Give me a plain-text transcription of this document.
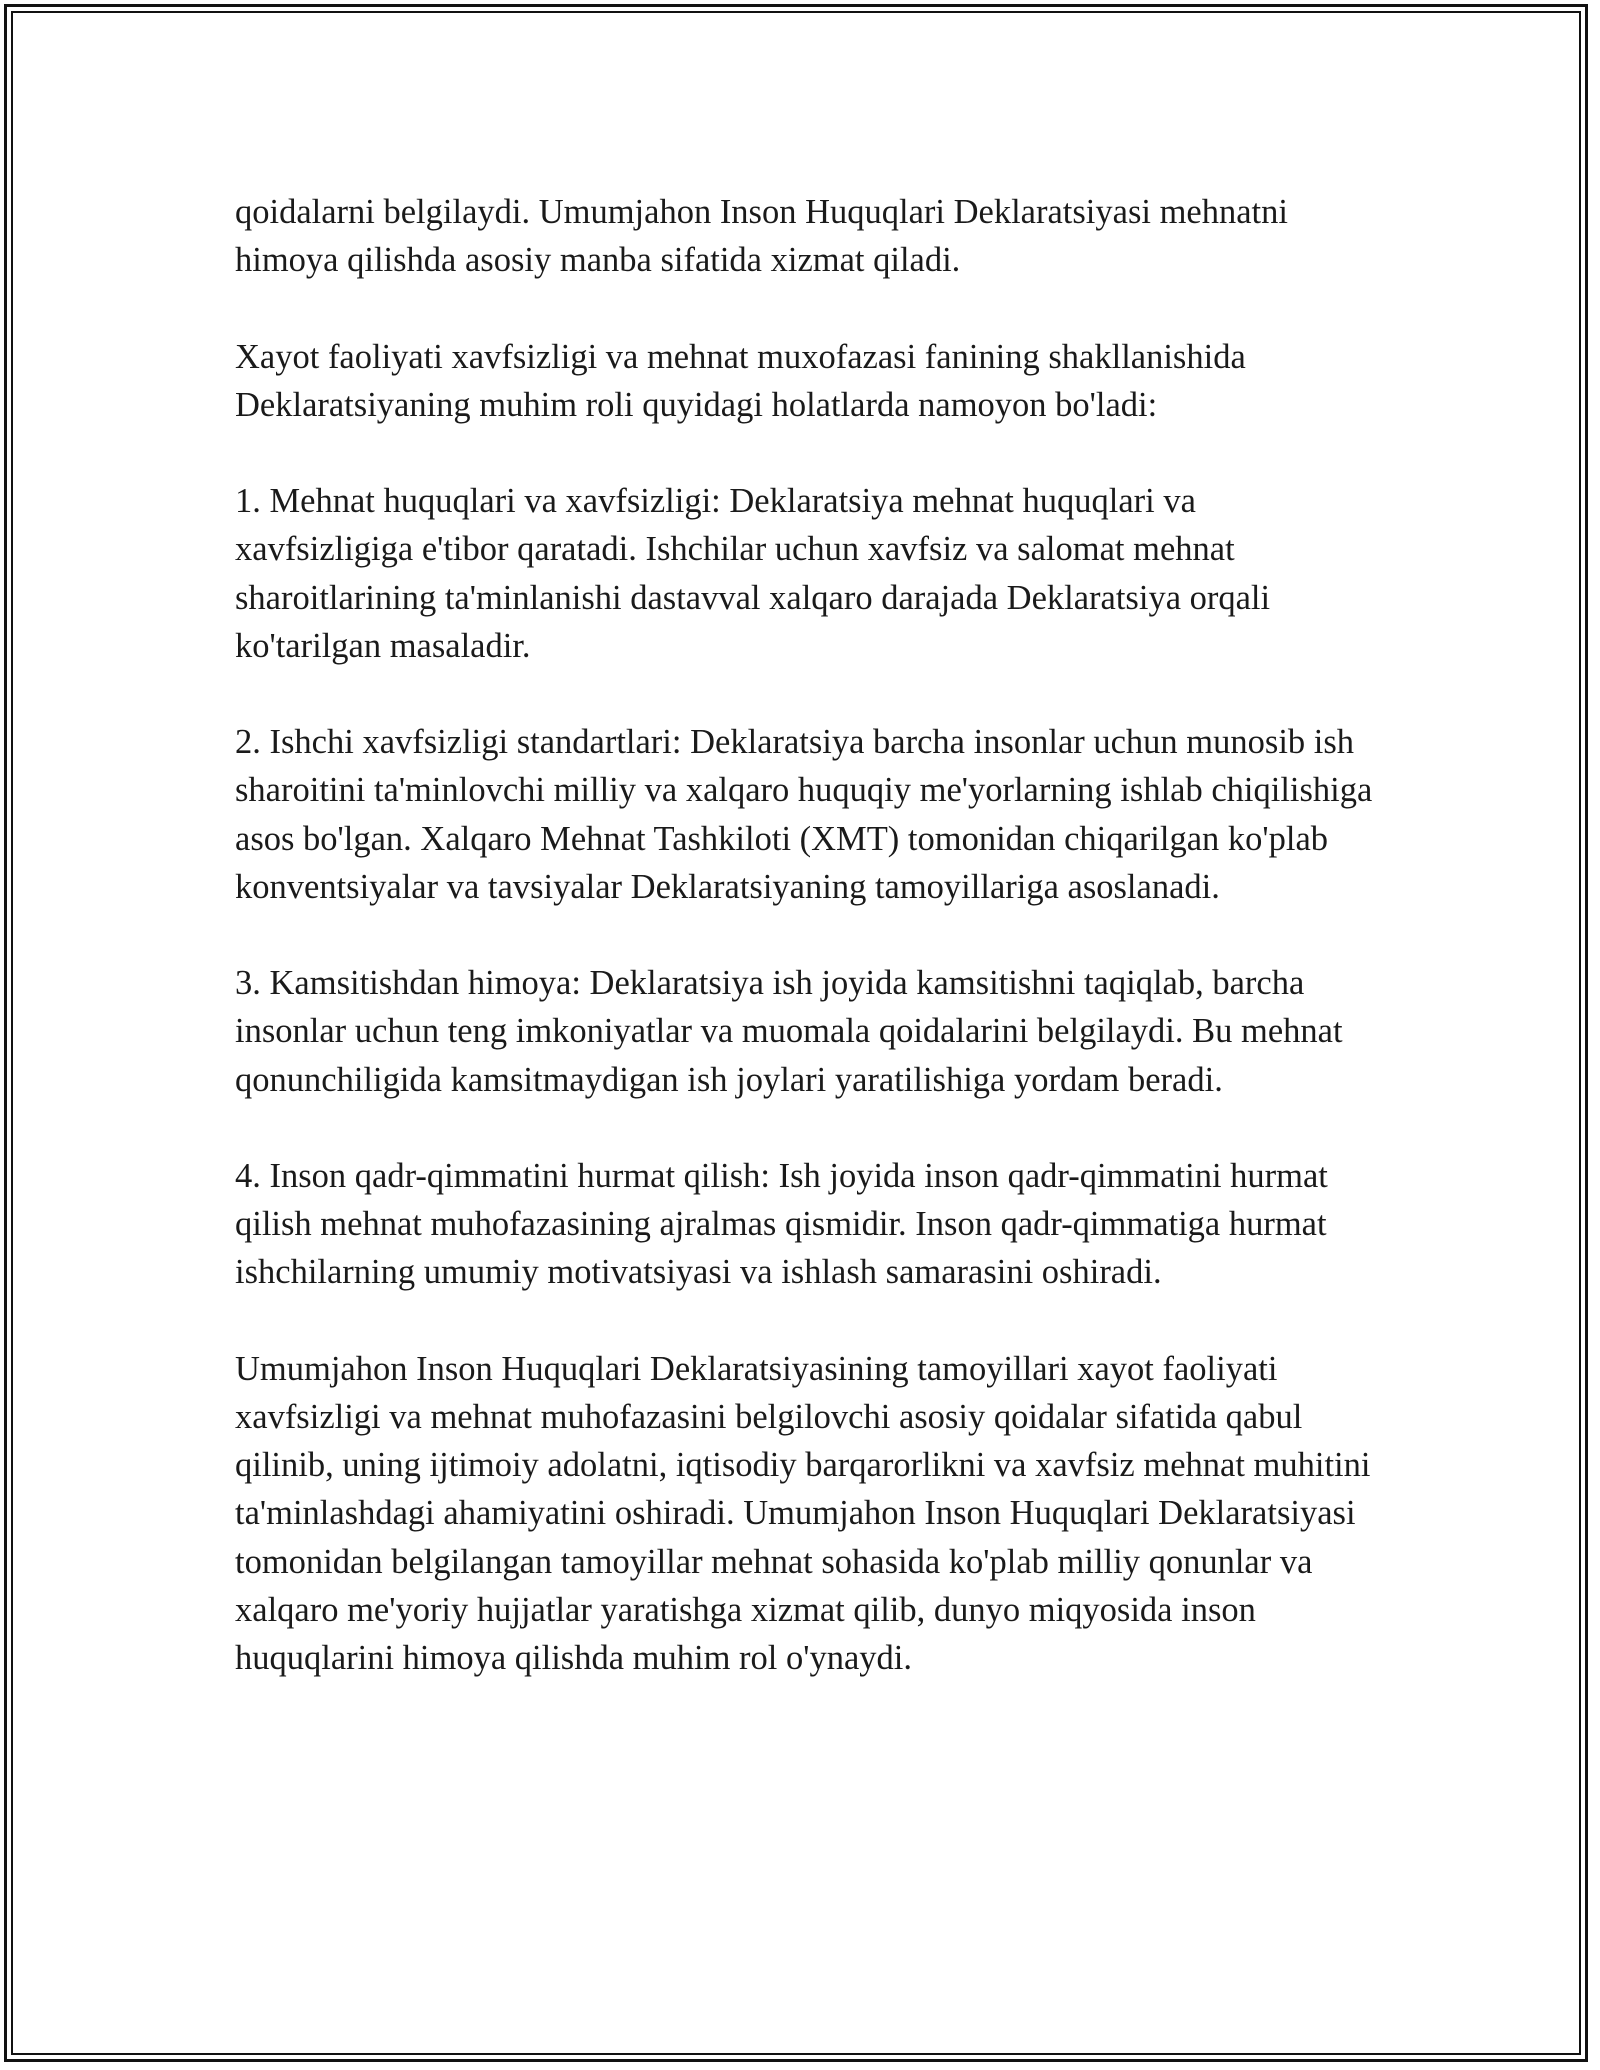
qoidalarni belgilaydi. Umumjahon Inson Huquqlari Deklaratsiyasi mehnatni himoya qilishda asosiy manba sifatida xizmat qiladi.

Xayot faoliyati xavfsizligi va mehnat muxofazasi fanining shakllanishida Deklaratsiyaning muhim roli quyidagi holatlarda namoyon bo'ladi:

1. Mehnat huquqlari va xavfsizligi: Deklaratsiya mehnat huquqlari va xavfsizligiga e'tibor qaratadi. Ishchilar uchun xavfsiz va salomat mehnat sharoitlarining ta'minlanishi dastavval xalqaro darajada Deklaratsiya orqali ko'tarilgan masaladir.

2. Ishchi xavfsizligi standartlari: Deklaratsiya barcha insonlar uchun munosib ish sharoitini ta'minlovchi milliy va xalqaro huquqiy me'yorlarning ishlab chiqilishiga asos bo'lgan. Xalqaro Mehnat Tashkiloti (XMT) tomonidan chiqarilgan ko'plab konventsiyalar va tavsiyalar Deklaratsiyaning tamoyillariga asoslanadi.

3. Kamsitishdan himoya: Deklaratsiya ish joyida kamsitishni taqiqlab, barcha insonlar uchun teng imkoniyatlar va muomala qoidalarini belgilaydi. Bu mehnat qonunchiligida kamsitmaydigan ish joylari yaratilishiga yordam beradi.

4. Inson qadr-qimmatini hurmat qilish: Ish joyida inson qadr-qimmatini hurmat qilish mehnat muhofazasining ajralmas qismidir. Inson qadr-qimmatiga hurmat ishchilarning umumiy motivatsiyasi va ishlash samarasini oshiradi.

Umumjahon Inson Huquqlari Deklaratsiyasining tamoyillari xayot faoliyati xavfsizligi va mehnat muhofazasini belgilovchi asosiy qoidalar sifatida qabul qilinib, uning ijtimoiy adolatni, iqtisodiy barqarorlikni va xavfsiz mehnat muhitini ta'minlashdagi ahamiyatini oshiradi. Umumjahon Inson Huquqlari Deklaratsiyasi tomonidan belgilangan tamoyillar mehnat sohasida ko'plab milliy qonunlar va xalqaro me'yoriy hujjatlar yaratishga xizmat qilib, dunyo miqyosida inson huquqlarini himoya qilishda muhim rol o'ynaydi.
